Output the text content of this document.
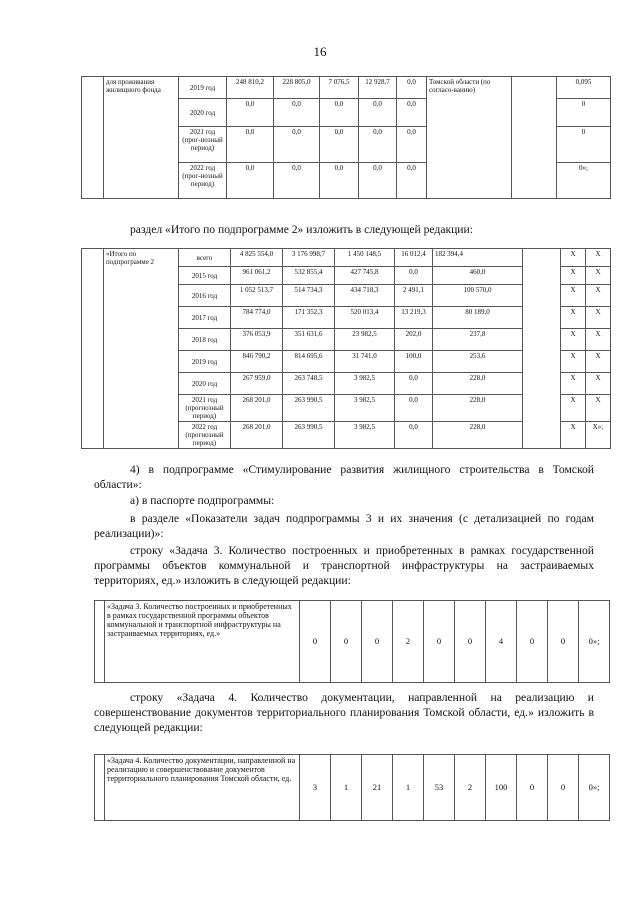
16
	для проживания жилищного фонда	2019 год	248 810,2	228 805,0	7 076,5	12 928,7	0,0	Томской области (по согласо-ванию)		0,095
		2020 год	0,0	0,0	0,0	0,0	0,0			0
		2021 год (прог-нозный период)	0,0	0,0	0,0	0,0	0,0			0
		2022 год (прог-нозный период)	0,0	0,0	0,0	0,0	0,0			0»;
раздел «Итого по подпрограмме 2» изложить в следующей редакции:
	«Итого по подпрограмме 2	всего	4 825 554,0	3 176 998,7	1 450 148,5	16 012,4	182 394,4		X	X
		2015 год	961 061,2	532 855,4	427 745,8	0,0	460,0		X	X
		2016 год	1 052 513,7	514 734,3	434 718,3	2 491,1	100 570,0		X	X
		2017 год	784 774,0	171 352,3	520 013,4	13 219,3	80 189,0		X	X
		2018 год	376 053,9	351 631,6	23 982,5	202,0	237,8		X	X
		2019 год	846 790,2	814 695,6	31 741,0	100,0	253,6		X	X
		2020 год	267 959,0	263 748,5	3 982,5	0,0	228,0		X	X
		2021 год (прогнозный период)	268 201,0	263 990,5	3 982,5	0,0	228,0		X	X
		2022 год (прогнозный период)	268 201,0	263 990,5	3 982,5	0,0	228,0		X	X»;
4) в подпрограмме «Стимулирование развития жилищного строительства в Томской области»:
а) в паспорте подпрограммы:
в разделе «Показатели задач подпрограммы 3 и их значения (с детализацией по годам реализации)»:
строку «Задача 3. Количество построенных и приобретенных в рамках государственной программы объектов коммунальной и транспортной инфраструктуры на застраиваемых территориях, ед.» изложить в следующей редакции:
	«Задача 3. Количество построенных и приобретенных в рамках государственной программы объектов коммунальной и транспортной инфраструктуры на застраиваемых территориях, ед.»	0	0	0	2	0	0	4	0	0	0»;
строку «Задача 4. Количество документации, направленной на реализацию и совершенствование документов территориального планирования Томской области, ед.» изложить в следующей редакции:
	«Задача 4. Количество документации, направленной на реализацию и совершенствование документов территориального планирования Томской области, ед.	3	1	21	1	53	2	100	0	0	0»;
